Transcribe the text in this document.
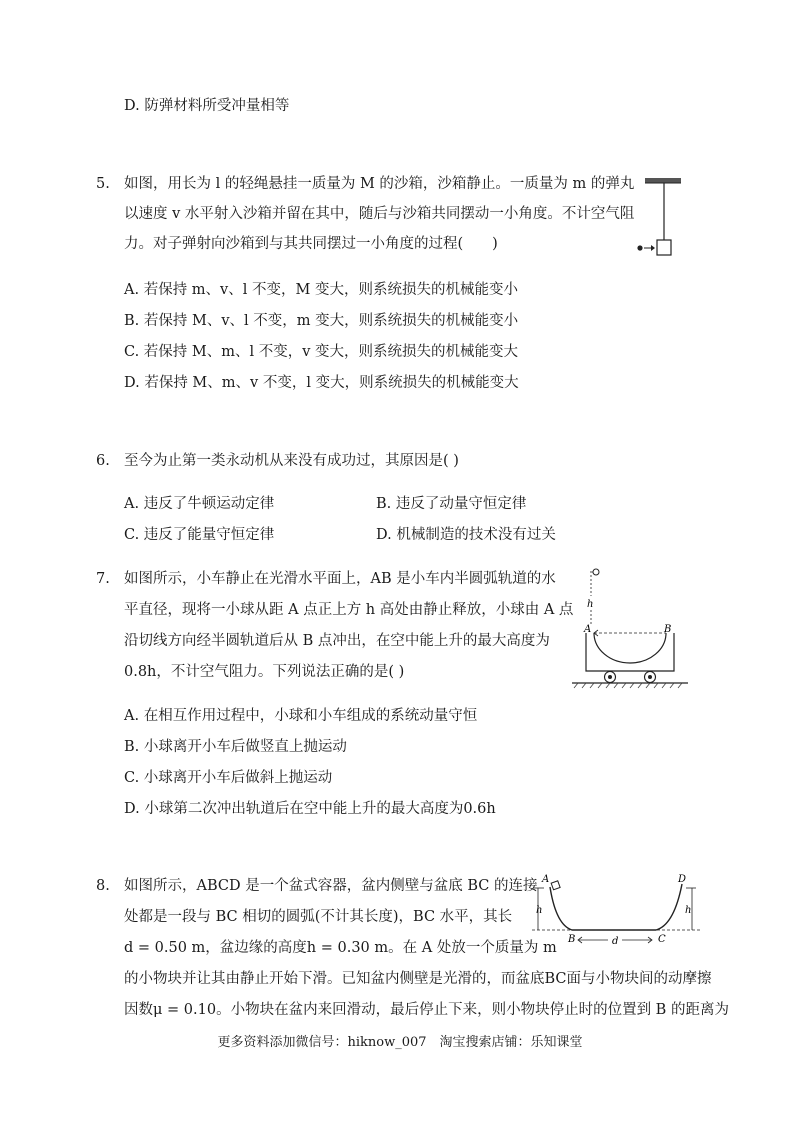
D. 防弹材料所受冲量相等
5. 如图，用长为 l 的轻绳悬挂一质量为 M 的沙箱，沙箱静止。一质量为 m 的弹丸
以速度 v 水平射入沙箱并留在其中，随后与沙箱共同摆动一小角度。不计空气阻
力。对子弹射向沙箱到与其共同摆过一小角度的过程(　　)
A. 若保持 m、v、l 不变，M 变大，则系统损失的机械能变小
B. 若保持 M、v、l 不变，m 变大，则系统损失的机械能变小
C. 若保持 M、m、l 不变，v 变大，则系统损失的机械能变大
D. 若保持 M、m、v 不变，l 变大，则系统损失的机械能变大
6. 至今为止第一类永动机从来没有成功过，其原因是( )
A. 违反了牛顿运动定律	B. 违反了动量守恒定律
C. 违反了能量守恒定律	D. 机械制造的技术没有过关
7. 如图所示，小车静止在光滑水平面上，AB 是小车内半圆弧轨道的水
平直径，现将一小球从距 A 点正上方 h 高处由静止释放，小球由 A 点
沿切线方向经半圆轨道后从 B 点冲出，在空中能上升的最大高度为
0.8h，不计空气阻力。下列说法正确的是( )
h
A	B
A. 在相互作用过程中，小球和小车组成的系统动量守恒
B. 小球离开小车后做竖直上抛运动
C. 小球离开小车后做斜上抛运动
D. 小球第二次冲出轨道后在空中能上升的最大高度为0.6h
8. 如图所示，ABCD 是一个盆式容器，盆内侧壁与盆底 BC 的连接
处都是一段与 BC 相切的圆弧(不计其长度)，BC 水平，其长
d = 0.50 m，盆边缘的高度h = 0.30 m。在 A 处放一个质量为 m
的小物块并让其由静止开始下滑。已知盆内侧壁是光滑的，而盆底BC面与小物块间的动摩擦
因数μ = 0.10。小物块在盆内来回滑动，最后停止下来，则小物块停止时的位置到 B 的距离为
A	D
B	C
h	h
d
更多资料添加微信号：hiknow_007　淘宝搜索店铺：乐知课堂
